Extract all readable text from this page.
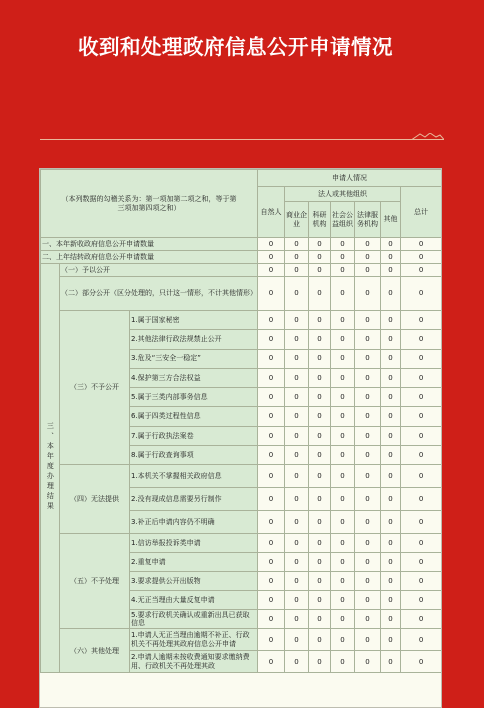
收到和处理政府信息公开申请情况
（本列数据的勾稽关系为：第一项加第二项之和，等于第三项加第四项之和）			申请人情况						
			自然人	法人或其他组织					总计
				商业企业	科研机构	社会公益组织	法律服务机构	其他	
一、本年新收政府信息公开申请数量			0	0	0	0	0	0	0
二、上年结转政府信息公开申请数量			0	0	0	0	0	0	0
三、本年度办理结果	（一）予以公开		0	0	0	0	0	0	0
	（二）部分公开（区分处理的，只计这一情形，不计其他情形）		0	0	0	0	0	0	0
	（三）不予公开	1.属于国家秘密	0	0	0	0	0	0	0
		2.其他法律行政法规禁止公开	0	0	0	0	0	0	0
		3.危及“三安全一稳定”	0	0	0	0	0	0	0
		4.保护第三方合法权益	0	0	0	0	0	0	0
		5.属于三类内部事务信息	0	0	0	0	0	0	0
		6.属于四类过程性信息	0	0	0	0	0	0	0
		7.属于行政执法案卷	0	0	0	0	0	0	0
		8.属于行政查询事项	0	0	0	0	0	0	0
	（四）无法提供	1.本机关不掌握相关政府信息	0	0	0	0	0	0	0
		2.没有现成信息需要另行制作	0	0	0	0	0	0	0
		3.补正后申请内容仍不明确	0	0	0	0	0	0	0
	（五）不予处理	1.信访举报投诉类申请	0	0	0	0	0	0	0
		2.重复申请	0	0	0	0	0	0	0
		3.要求提供公开出版物	0	0	0	0	0	0	0
		4.无正当理由大量反复申请	0	0	0	0	0	0	0
		5.要求行政机关确认或重新出具已获取信息	0	0	0	0	0	0	0
	（六）其他处理	1.申请人无正当理由逾期不补正、行政机关不再处理其政府信息公开申请	0	0	0	0	0	0	0
		2.申请人逾期未按收费通知要求缴纳费用、行政机关不再处理其政	0	0	0	0	0	0	0
